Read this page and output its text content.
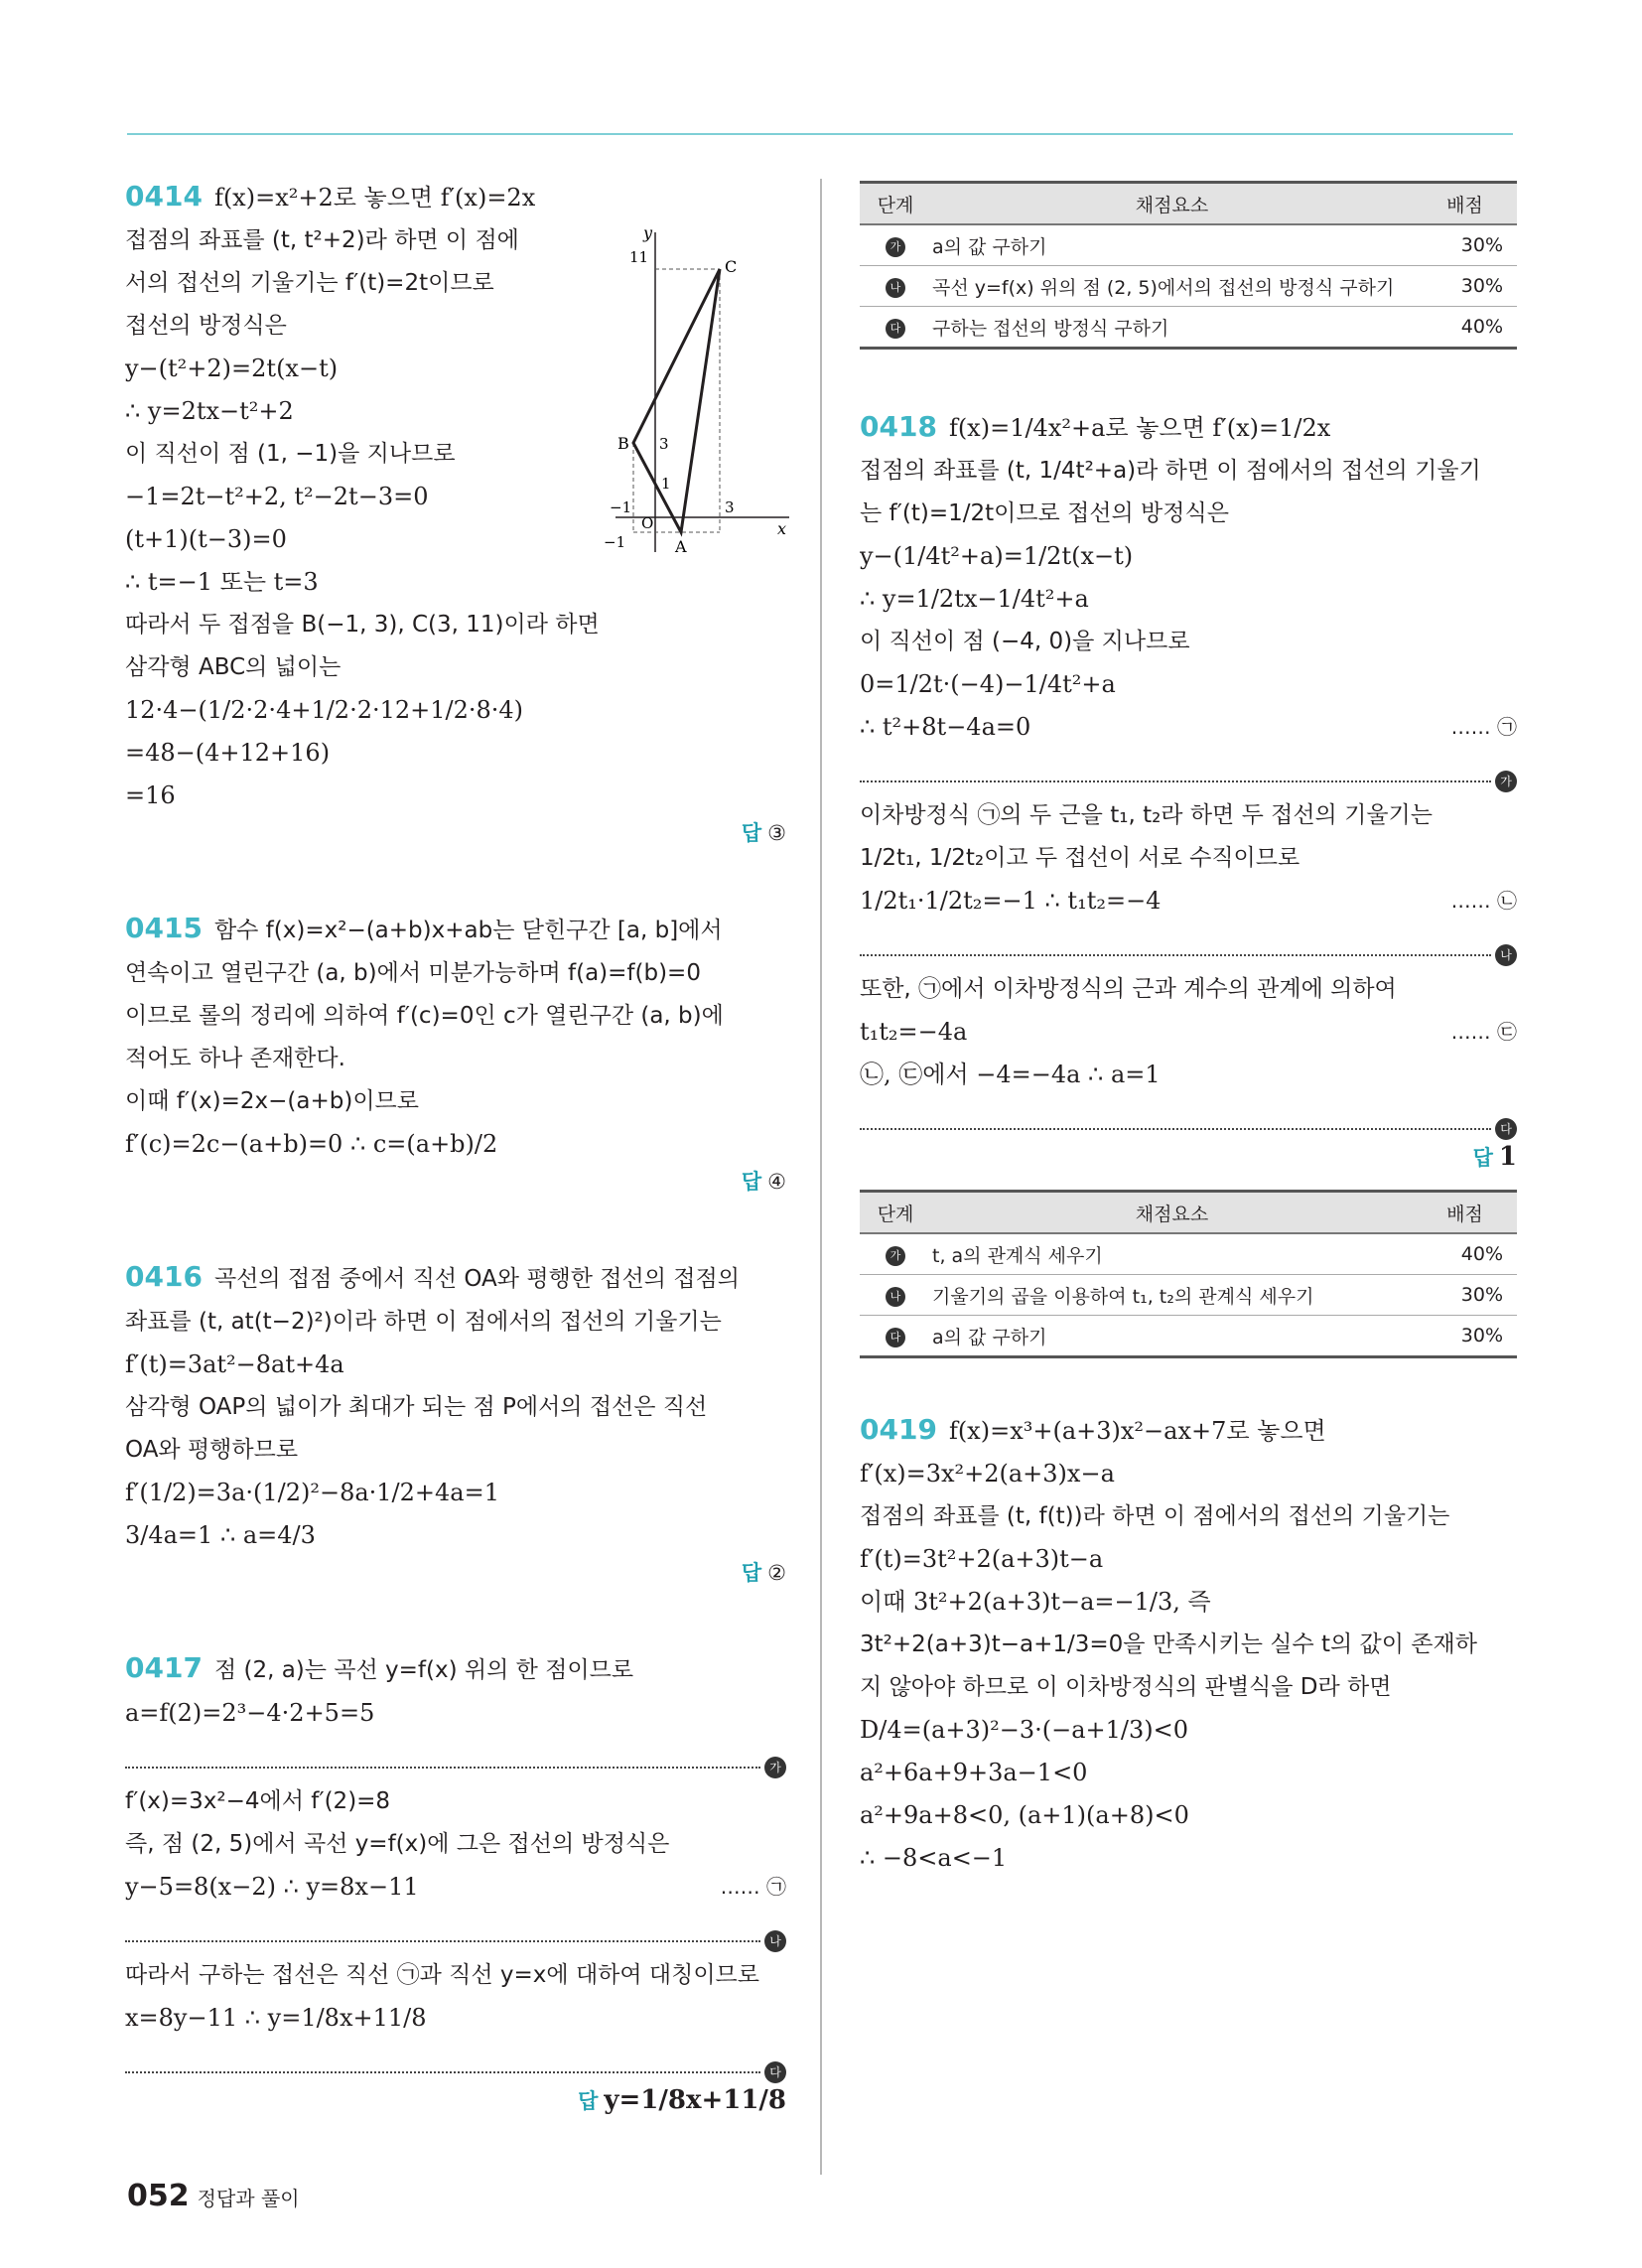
0414 f(x)=x²+2로 놓으면 f′(x)=2x
접점의 좌표를 (t, t²+2)라 하면 이 점에
서의 접선의 기울기는 f′(t)=2t이므로
접선의 방정식은
y−(t²+2)=2t(x−t)
∴ y=2tx−t²+2
이 직선이 점 (1, −1)을 지나므로
−1=2t−t²+2, t²−2t−3=0
(t+1)(t−3)=0
∴ t=−1 또는 t=3
따라서 두 접점을 B(−1, 3), C(3, 11)이라 하면
삼각형 ABC의 넓이는
12·4−(1/2·2·4+1/2·2·12+1/2·8·4)
=48−(4+12+16)
=16
답 ③
0415 함수 f(x)=x²−(a+b)x+ab는 닫힌구간 [a, b]에서
연속이고 열린구간 (a, b)에서 미분가능하며 f(a)=f(b)=0
이므로 롤의 정리에 의하여 f′(c)=0인 c가 열린구간 (a, b)에
적어도 하나 존재한다.
이때 f′(x)=2x−(a+b)이므로
f′(c)=2c−(a+b)=0 ∴ c=(a+b)/2
답 ④
0416 곡선의 접점 중에서 직선 OA와 평행한 접선의 접점의
좌표를 (t, at(t−2)²)이라 하면 이 점에서의 접선의 기울기는
f′(t)=3at²−8at+4a
삼각형 OAP의 넓이가 최대가 되는 점 P에서의 접선은 직선
OA와 평행하므로
f′(1/2)=3a·(1/2)²−8a·1/2+4a=1
3/4a=1 ∴ a=4/3
답 ②
0417 점 (2, a)는 곡선 y=f(x) 위의 한 점이므로
a=f(2)=2³−4·2+5=5
가
f′(x)=3x²−4에서 f′(2)=8
즉, 점 (2, 5)에서 곡선 y=f(x)에 그은 접선의 방정식은
y−5=8(x−2) ∴ y=8x−11	…… ㉠
나
따라서 구하는 접선은 직선 ㉠과 직선 y=x에 대하여 대칭이므로
x=8y−11 ∴ y=1/8x+11/8
다
답 y=1/8x+11/8
y
x
11
3
1
−1
−1	3
O
A
B
C
단계	채점요소	배점
가	a의 값 구하기	30%
나	곡선 y=f(x) 위의 점 (2, 5)에서의 접선의 방정식 구하기	30%
다	구하는 접선의 방정식 구하기	40%
0418 f(x)=1/4x²+a로 놓으면 f′(x)=1/2x
접점의 좌표를 (t, 1/4t²+a)라 하면 이 점에서의 접선의 기울기
는 f′(t)=1/2t이므로 접선의 방정식은
y−(1/4t²+a)=1/2t(x−t)
∴ y=1/2tx−1/4t²+a
이 직선이 점 (−4, 0)을 지나므로
0=1/2t·(−4)−1/4t²+a
∴ t²+8t−4a=0	…… ㉠
가
이차방정식 ㉠의 두 근을 t₁, t₂라 하면 두 접선의 기울기는
1/2t₁, 1/2t₂이고 두 접선이 서로 수직이므로
1/2t₁·1/2t₂=−1 ∴ t₁t₂=−4	…… ㉡
나
또한, ㉠에서 이차방정식의 근과 계수의 관계에 의하여
t₁t₂=−4a	…… ㉢
㉡, ㉢에서 −4=−4a ∴ a=1
다
답 1
단계	채점요소	배점
가	t, a의 관계식 세우기	40%
나	기울기의 곱을 이용하여 t₁, t₂의 관계식 세우기	30%
다	a의 값 구하기	30%
0419 f(x)=x³+(a+3)x²−ax+7로 놓으면
f′(x)=3x²+2(a+3)x−a
접점의 좌표를 (t, f(t))라 하면 이 점에서의 접선의 기울기는
f′(t)=3t²+2(a+3)t−a
이때 3t²+2(a+3)t−a=−1/3, 즉
3t²+2(a+3)t−a+1/3=0을 만족시키는 실수 t의 값이 존재하
지 않아야 하므로 이 이차방정식의 판별식을 D라 하면
D/4=(a+3)²−3·(−a+1/3)<0
a²+6a+9+3a−1<0
a²+9a+8<0, (a+1)(a+8)<0
∴ −8<a<−1
052 정답과 풀이
